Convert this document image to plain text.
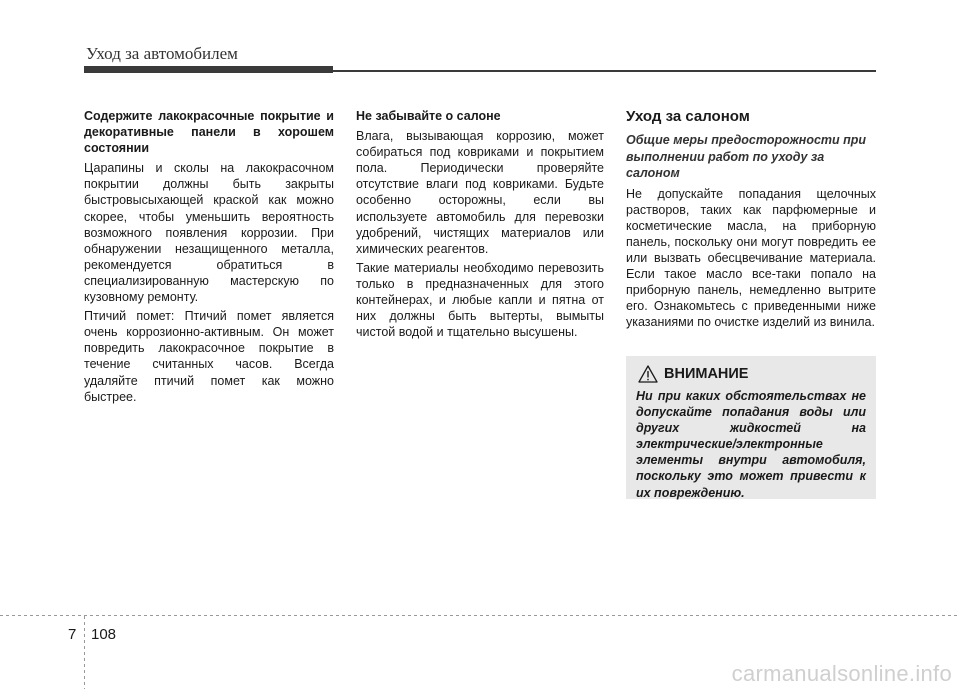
Уход за автомобилем

Содержите лакокрасочные покрытие и декоративные панели в хорошем состоянии

Царапины и сколы на лакокрасочном покрытии должны быть закрыты быстровысыхающей краской как можно скорее, чтобы уменьшить вероятность возможного появления коррозии. При обнаружении незащищенного металла, рекомендуется обратиться в специализированную мастерскую по кузовному ремонту.

Птичий помет: Птичий помет является очень коррозионно-активным. Он может повредить лакокрасочное покрытие в течение считанных часов. Всегда удаляйте птичий помет как можно быстрее.

Не забывайте о салоне

Влага, вызывающая коррозию, может собираться под ковриками и покрытием пола. Периодически проверяйте отсутствие влаги под ковриками. Будьте особенно осторожны, если вы используете автомобиль для перевозки удобрений, чистящих материалов или химических реагентов.

Такие материалы необходимо перевозить только в предназначенных для этого контейнерах, и любые капли и пятна от них должны быть вытерты, вымыты чистой водой и тщательно высушены.

Уход за салоном
Общие меры предосторожности при выполнении работ по уходу за салоном

Не допускайте попадания щелочных растворов, таких как парфюмерные и косметические масла, на приборную панель, поскольку они могут повредить ее или вызвать обесцвечивание материала. Если такое масло все-таки попало на приборную панель, немедленно вытрите его. Ознакомьтесь с приведенными ниже указаниями по очистке изделий из винила.

ВНИМАНИЕ
Ни при каких обстоятельствах не допускайте попадания воды или других жидкостей на электрические/электронные элементы внутри автомобиля, поскольку это может привести к их повреждению.
7 108
carmanualsonline.info
